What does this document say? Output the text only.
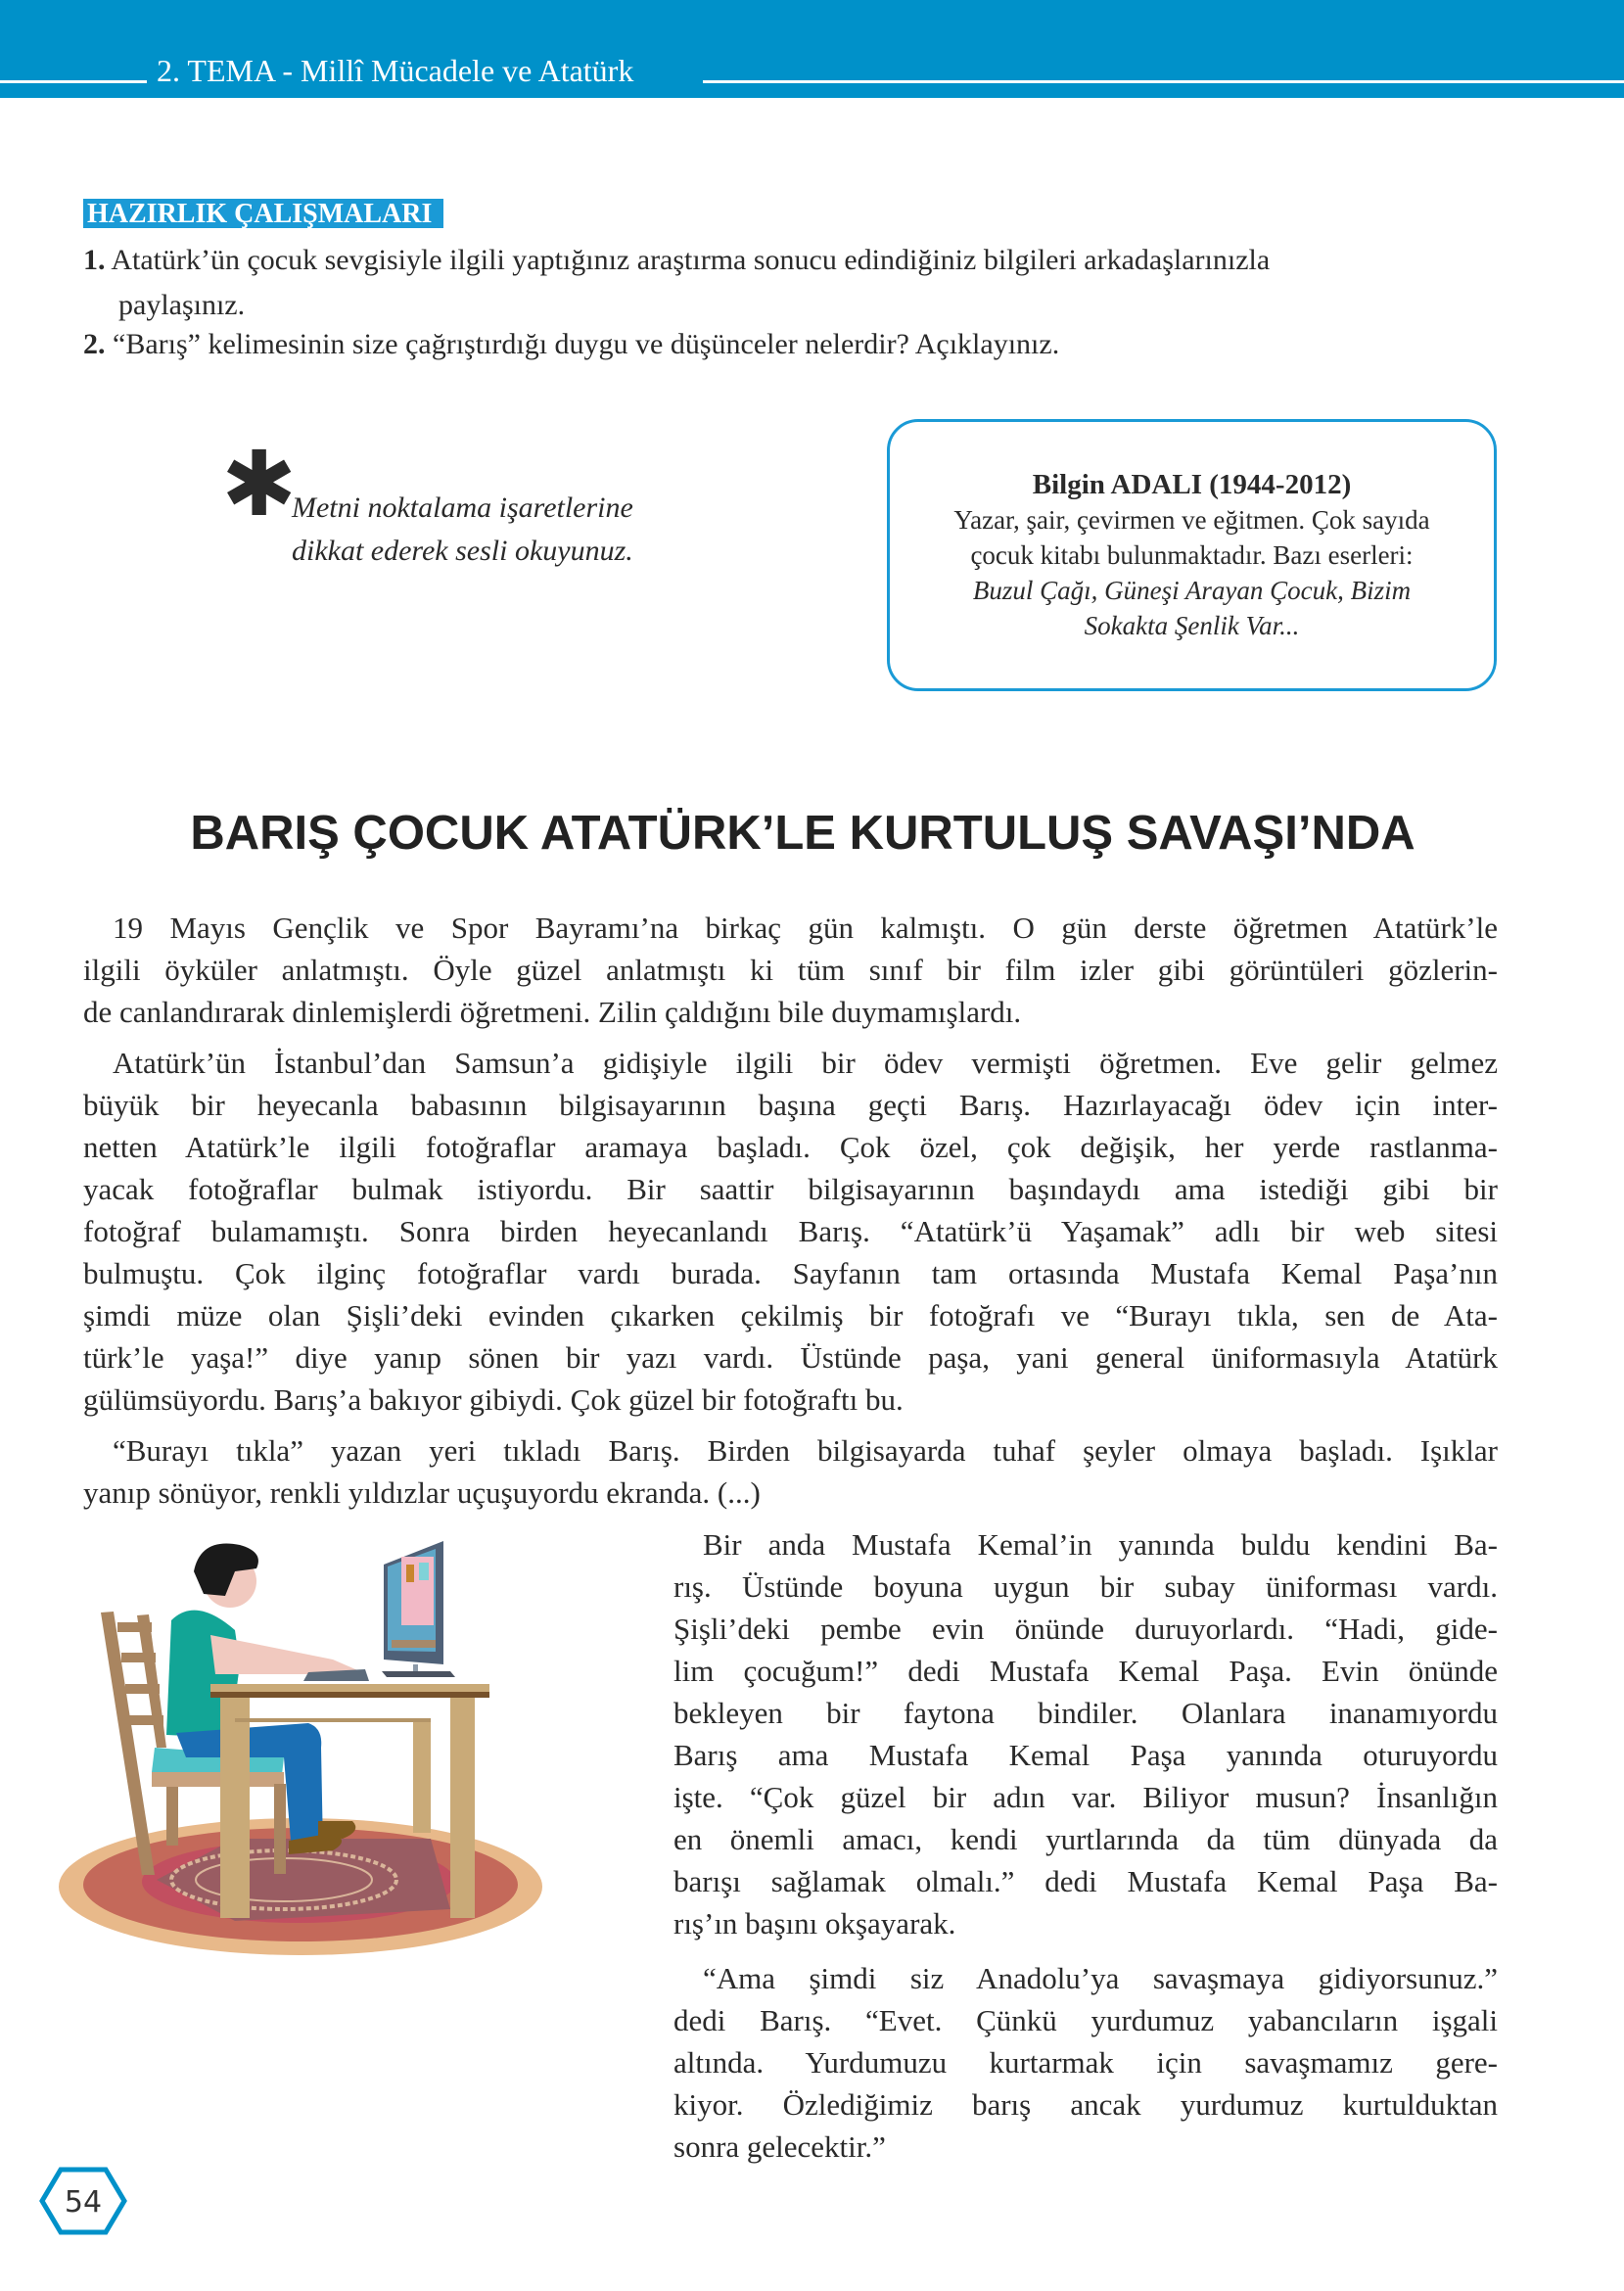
2. TEMA - Millî Mücadele ve Atatürk
HAZIRLIK ÇALIŞMALARI
1. Atatürk’ün çocuk sevgisiyle ilgili yaptığınız araştırma sonucu edindiğiniz bilgileri arkadaşlarınızla
paylaşınız.
2. “Barış” kelimesinin size çağrıştırdığı duygu ve düşünceler nelerdir? Açıklayınız.
✱
Metni noktalama işaretlerine
dikkat ederek sesli okuyunuz.
Bilgin ADALI (1944-2012)
Yazar, şair, çevirmen ve eğitmen. Çok sayıda
çocuk kitabı bulunmaktadır. Bazı eserleri:
Buzul Çağı, Güneşi Arayan Çocuk, Bizim
Sokakta Şenlik Var...
BARIŞ ÇOCUK ATATÜRK’LE KURTULUŞ SAVAŞI’NDA
19 Mayıs Gençlik ve Spor Bayramı’na birkaç gün kalmıştı. O gün derste öğretmen Atatürk’le
ilgili öyküler anlatmıştı. Öyle güzel anlatmıştı ki tüm sınıf bir film izler gibi görüntüleri gözlerin-
de canlandırarak dinlemişlerdi öğretmeni. Zilin çaldığını bile duymamışlardı.
Atatürk’ün İstanbul’dan Samsun’a gidişiyle ilgili bir ödev vermişti öğretmen. Eve gelir gelmez
büyük bir heyecanla babasının bilgisayarının başına geçti Barış. Hazırlayacağı ödev için inter-
netten Atatürk’le ilgili fotoğraflar aramaya başladı. Çok özel, çok değişik, her yerde rastlanma-
yacak fotoğraflar bulmak istiyordu. Bir saattir bilgisayarının başındaydı ama istediği gibi bir
fotoğraf bulamamıştı. Sonra birden heyecanlandı Barış. “Atatürk’ü Yaşamak” adlı bir web sitesi
bulmuştu. Çok ilginç fotoğraflar vardı burada. Sayfanın tam ortasında Mustafa Kemal Paşa’nın
şimdi müze olan Şişli’deki evinden çıkarken çekilmiş bir fotoğrafı ve “Burayı tıkla, sen de Ata-
türk’le yaşa!” diye yanıp sönen bir yazı vardı. Üstünde paşa, yani general üniformasıyla Atatürk
gülümsüyordu. Barış’a bakıyor gibiydi. Çok güzel bir fotoğraftı bu.
“Burayı tıkla” yazan yeri tıkladı Barış. Birden bilgisayarda tuhaf şeyler olmaya başladı. Işıklar
yanıp sönüyor, renkli yıldızlar uçuşuyordu ekranda. (...)
Bir anda Mustafa Kemal’in yanında buldu kendini Ba-
rış. Üstünde boyuna uygun bir subay üniforması vardı.
Şişli’deki pembe evin önünde duruyorlardı. “Hadi, gide-
lim çocuğum!” dedi Mustafa Kemal Paşa. Evin önünde
bekleyen bir faytona bindiler. Olanlara inanamıyordu
Barış ama Mustafa Kemal Paşa yanında oturuyordu
işte. “Çok güzel bir adın var. Biliyor musun? İnsanlığın
en önemli amacı, kendi yurtlarında da tüm dünyada da
barışı sağlamak olmalı.” dedi Mustafa Kemal Paşa Ba-
rış’ın başını okşayarak.
“Ama şimdi siz Anadolu’ya savaşmaya gidiyorsunuz.”
dedi Barış. “Evet. Çünkü yurdumuz yabancıların işgali
altında. Yurdumuzu kurtarmak için savaşmamız gere-
kiyor. Özlediğimiz barış ancak yurdumuz kurtulduktan
sonra gelecektir.”
54
